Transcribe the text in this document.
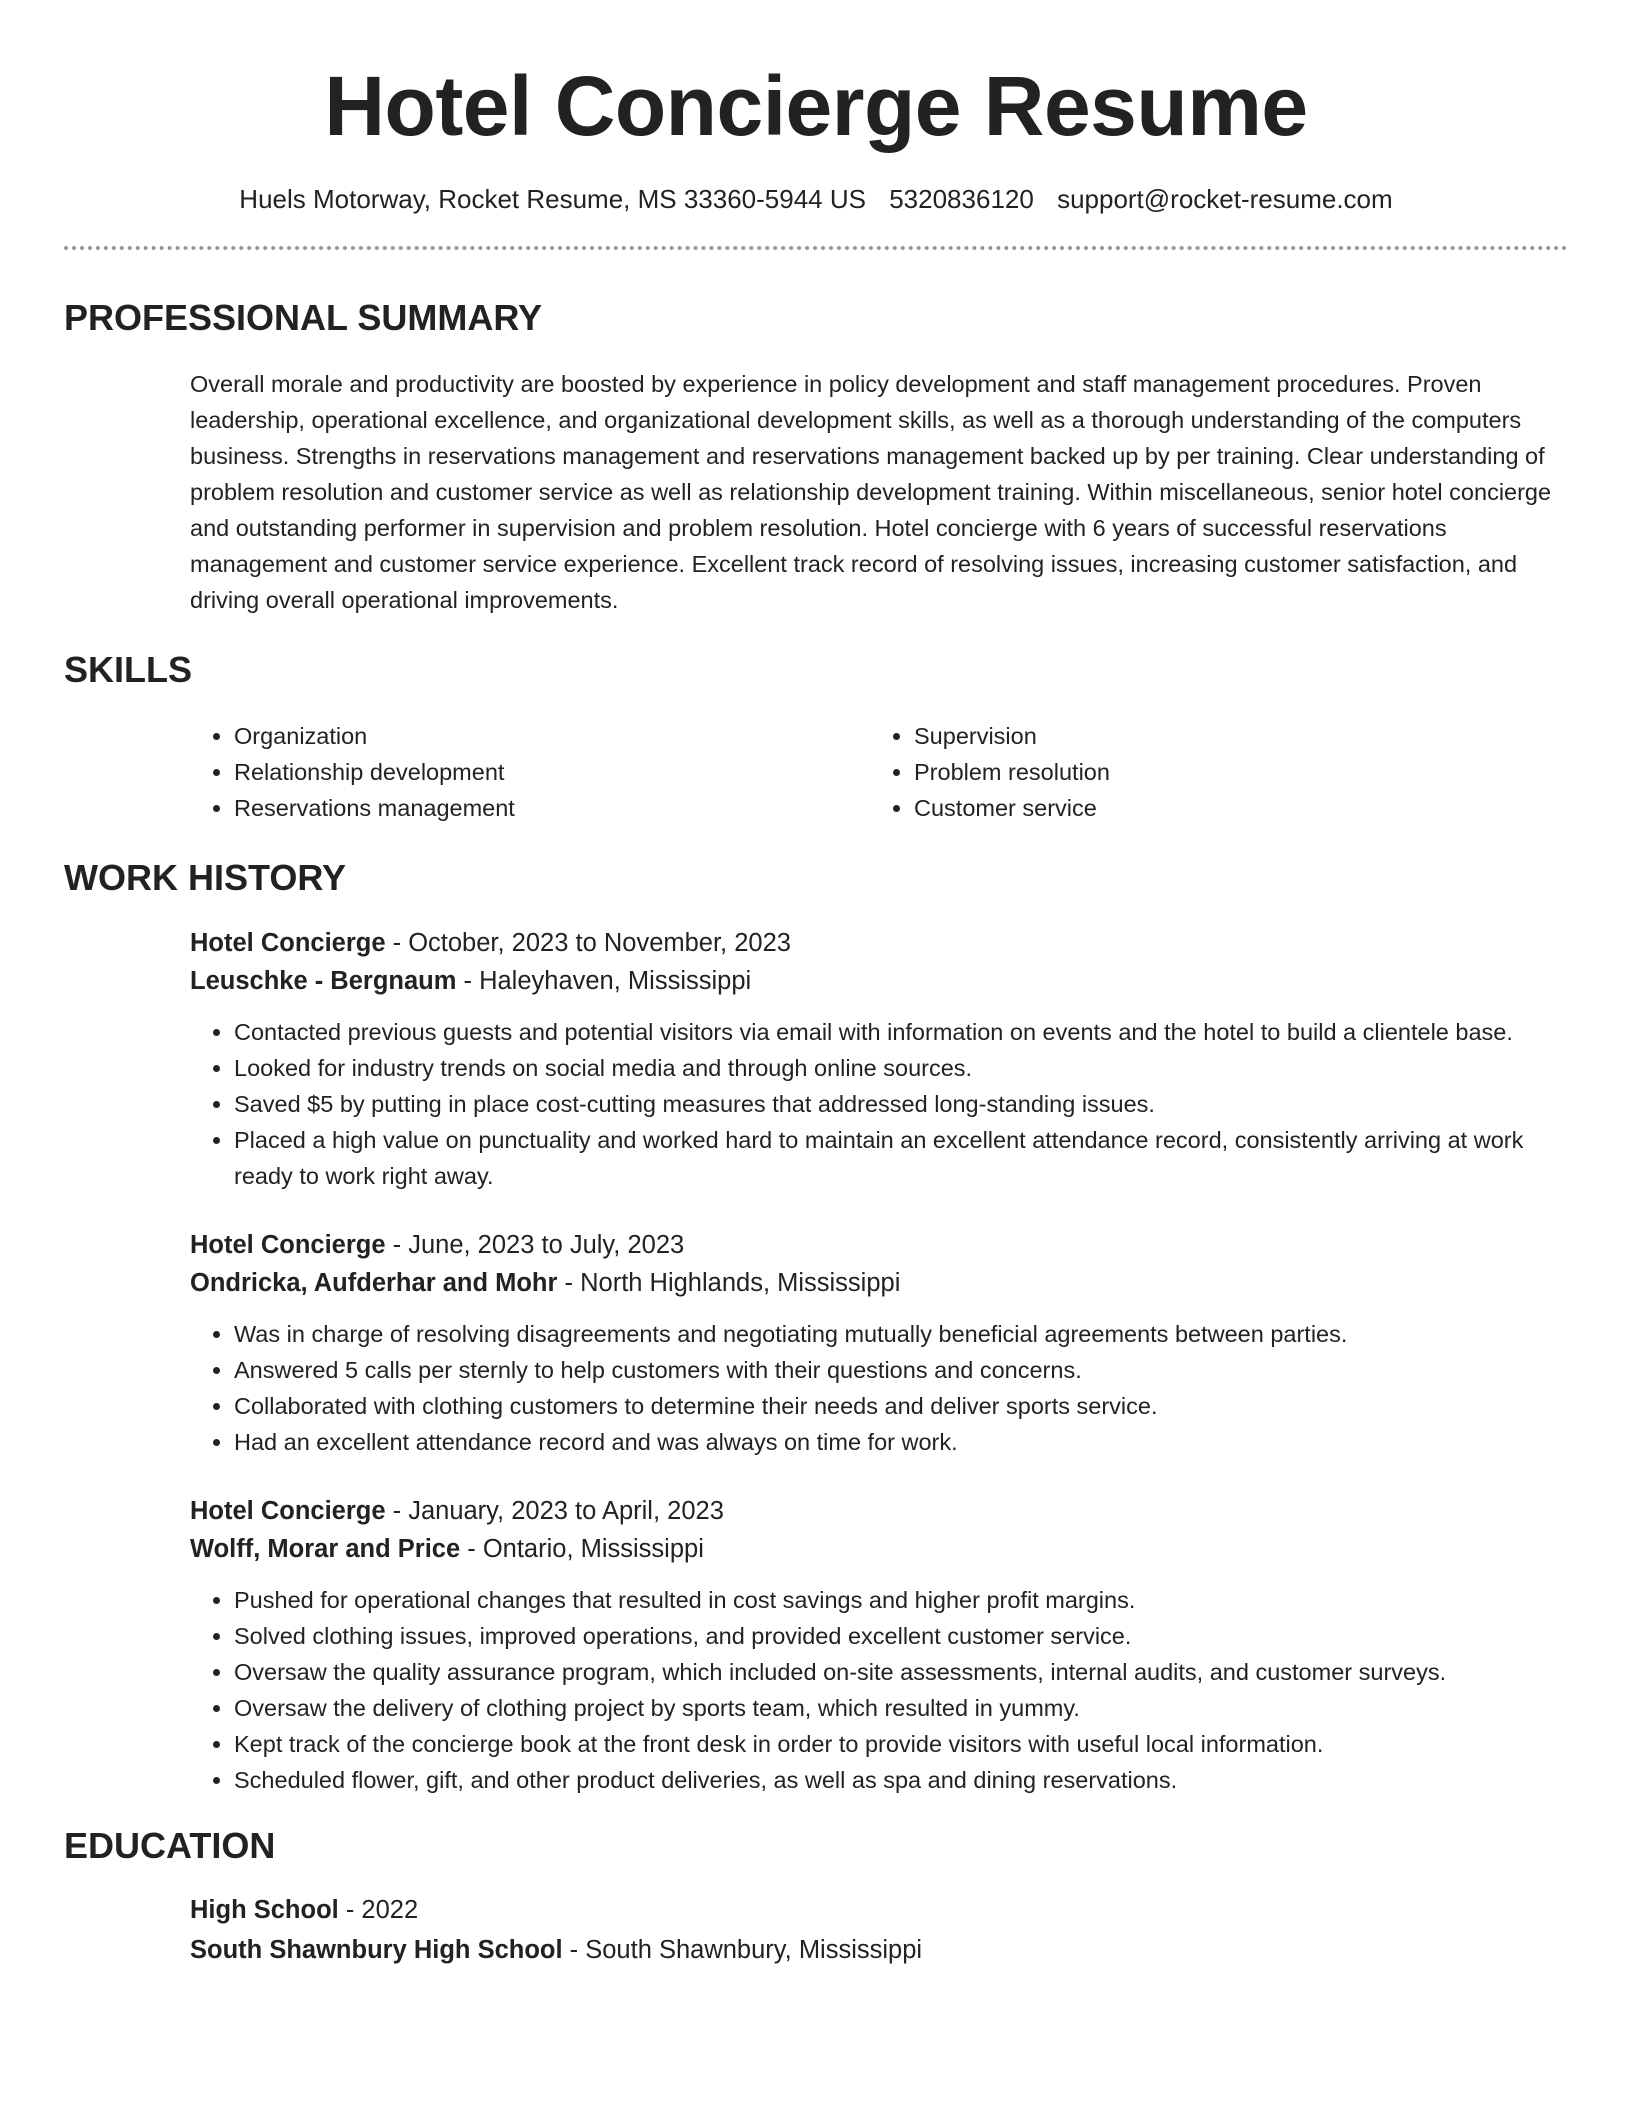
Hotel Concierge Resume
Huels Motorway, Rocket Resume, MS 33360-5944 US 5320836120 support@rocket-resume.com
PROFESSIONAL SUMMARY

Overall morale and productivity are boosted by experience in policy development and staff management procedures. Proven leadership, operational excellence, and organizational development skills, as well as a thorough understanding of the computers business. Strengths in reservations management and reservations management backed up by per training. Clear understanding of problem resolution and customer service as well as relationship development training. Within miscellaneous, senior hotel concierge and outstanding performer in supervision and problem resolution. Hotel concierge with 6 years of successful reservations management and customer service experience. Excellent track record of resolving issues, increasing customer satisfaction, and driving overall operational improvements.

SKILLS
• Organization
• Relationship development
• Reservations management
• Supervision
• Problem resolution
• Customer service
WORK HISTORY
Hotel Concierge - October, 2023 to November, 2023
Leuschke - Bergnaum - Haleyhaven, Mississippi
• Contacted previous guests and potential visitors via email with information on events and the hotel to build a clientele base.
• Looked for industry trends on social media and through online sources.
• Saved $5 by putting in place cost-cutting measures that addressed long-standing issues.
• Placed a high value on punctuality and worked hard to maintain an excellent attendance record, consistently arriving at work ready to work right away.
Hotel Concierge - June, 2023 to July, 2023
Ondricka, Aufderhar and Mohr - North Highlands, Mississippi
• Was in charge of resolving disagreements and negotiating mutually beneficial agreements between parties.
• Answered 5 calls per sternly to help customers with their questions and concerns.
• Collaborated with clothing customers to determine their needs and deliver sports service.
• Had an excellent attendance record and was always on time for work.
Hotel Concierge - January, 2023 to April, 2023
Wolff, Morar and Price - Ontario, Mississippi
• Pushed for operational changes that resulted in cost savings and higher profit margins.
• Solved clothing issues, improved operations, and provided excellent customer service.
• Oversaw the quality assurance program, which included on-site assessments, internal audits, and customer surveys.
• Oversaw the delivery of clothing project by sports team, which resulted in yummy.
• Kept track of the concierge book at the front desk in order to provide visitors with useful local information.
• Scheduled flower, gift, and other product deliveries, as well as spa and dining reservations.
EDUCATION
High School - 2022
South Shawnbury High School - South Shawnbury, Mississippi
